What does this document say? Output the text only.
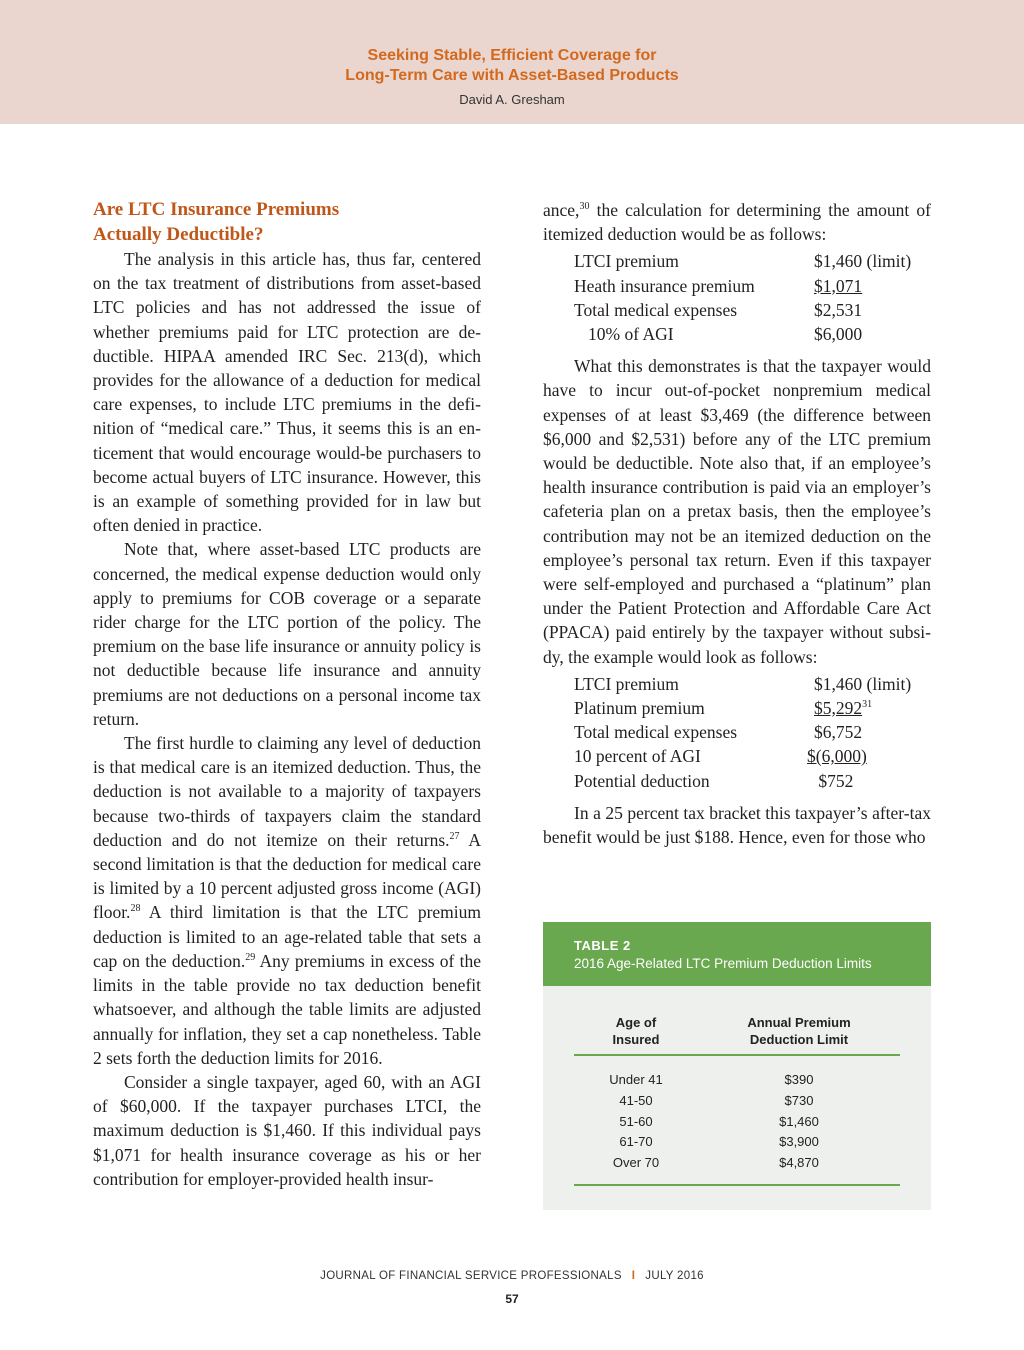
Seeking Stable, Efficient Coverage for
Long-Term Care with Asset-Based Products
David A. Gresham
Are LTC Insurance Premiums
Actually Deductible?

The analysis in this article has, thus far, centered on the tax treatment of distributions from asset-based LTC policies and has not addressed the issue of whether premiums paid for LTC protection are deductible. HIPAA amended IRC Sec. 213(d), which provides for the allowance of a deduction for medical care expenses, to include LTC premiums in the definition of “medical care.” Thus, it seems this is an enticement that would encourage would-be purchasers to become actual buyers of LTC insurance. However, this is an example of something provided for in law but often denied in practice.

Note that, where asset-based LTC products are concerned, the medical expense deduction would only apply to premiums for COB coverage or a separate rider charge for the LTC portion of the policy. The premium on the base life insurance or annuity policy is not deductible because life insurance and annuity premiums are not deductions on a personal income tax return.

The first hurdle to claiming any level of deduction is that medical care is an itemized deduction. Thus, the deduction is not available to a majority of taxpayers because two-thirds of taxpayers claim the standard deduction and do not itemize on their returns.$^{27}$ A second limitation is that the deduction for medical care is limited by a 10 percent adjusted gross income (AGI) floor.$^{28}$ A third limitation is that the LTC premium deduction is limited to an age-related table that sets a cap on the deduction.$^{29}$ Any premiums in excess of the limits in the table provide no tax deduction benefit whatsoever, and although the table limits are adjusted annually for inflation, they set a cap nonetheless. Table 2 sets forth the deduction limits for 2016.

Consider a single taxpayer, aged 60, with an AGI of $60,000. If the taxpayer purchases LTCI, the maximum deduction is $1,460. If this individual pays $1,071 for health insurance coverage as his or her contribution for employer-provided health insur-

ance,$^{30}$ the calculation for determining the amount of itemized deduction would be as follows:

LTCI premium	$1,460 (limit)
Heath insurance premium	$1,071
Total medical expenses	$2,531
10% of AGI	$6,000

What this demonstrates is that the taxpayer would have to incur out-of-pocket nonpremium medical expenses of at least $3,469 (the difference between $6,000 and $2,531) before any of the LTC premium would be deductible. Note also that, if an employee’s health insurance contribution is paid via an employer’s cafeteria plan on a pretax basis, then the employee’s contribution may not be an itemized deduction on the employee’s personal tax return. Even if this taxpayer were self-employed and purchased a “platinum” plan under the Patient Protection and Affordable Care Act (PPACA) paid entirely by the taxpayer without subsidy, the example would look as follows:

LTCI premium	$1,460 (limit)
Platinum premium	$5,292$^{31}$
Total medical expenses	$6,752
10 percent of AGI	$(6,000)
Potential deduction	$752

In a 25 percent tax bracket this taxpayer’s after-tax benefit would be just $188. Hence, even for those who

TABLE 2
2016 Age-Related LTC Premium Deduction Limits
Age of
Insured
Annual Premium
Deduction Limit
Under 41	$390
41-50	$730
51-60	$1,460
61-70	$3,900
Over 70	$4,870
JOURNAL OF FINANCIAL SERVICE PROFESSIONALS I JULY 2016
57
